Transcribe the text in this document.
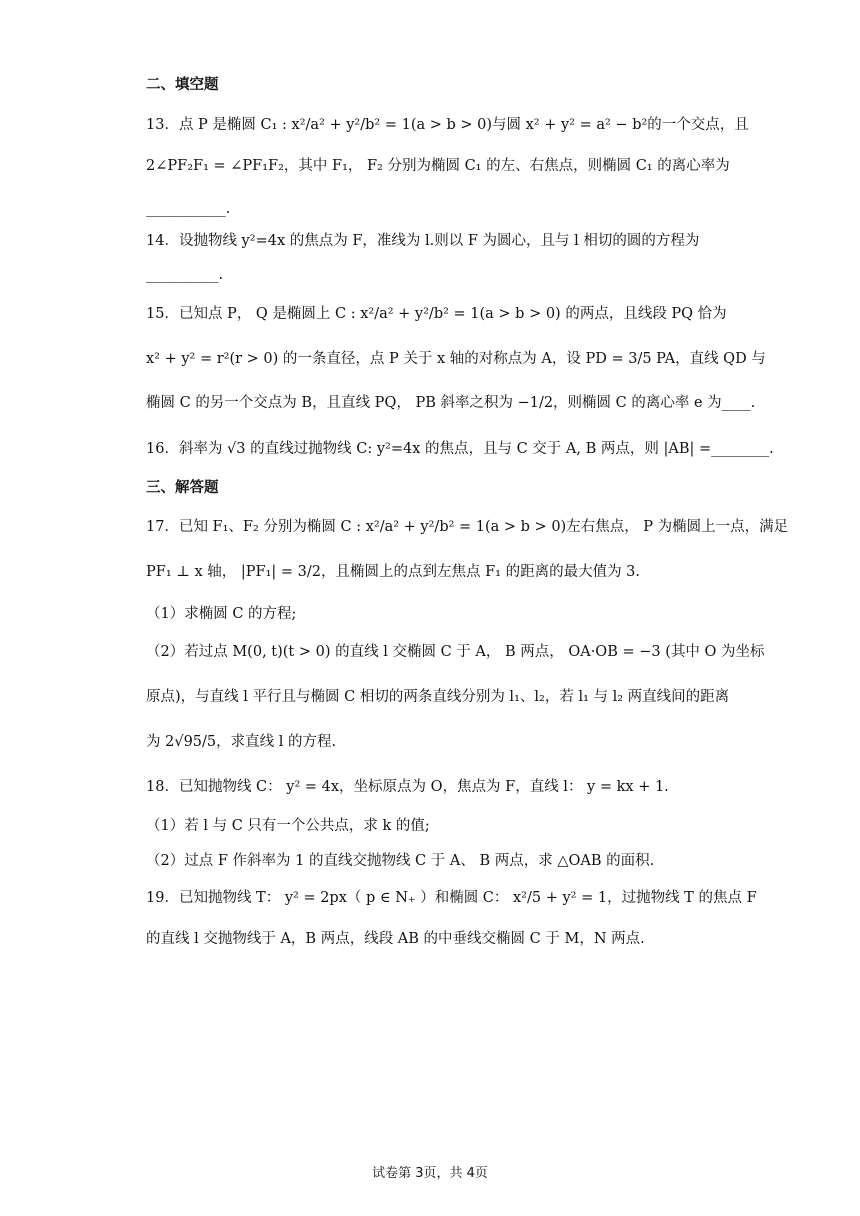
二、填空题
13．点 P 是椭圆 C₁ : x²/a² + y²/b² = 1(a > b > 0)与圆 x² + y² = a² − b²的一个交点，且
2∠PF₂F₁ = ∠PF₁F₂，其中 F₁， F₂ 分别为椭圆 C₁ 的左、右焦点，则椭圆 C₁ 的离心率为
___________.
14．设抛物线 y²=4x 的焦点为 F，准线为 l.则以 F 为圆心，且与 l 相切的圆的方程为
__________.
15．已知点 P， Q 是椭圆上 C : x²/a² + y²/b² = 1(a > b > 0) 的两点，且线段 PQ 恰为
x² + y² = r²(r > 0) 的一条直径，点 P 关于 x 轴的对称点为 A，设 PD = 3/5 PA，直线 QD 与
椭圆 C 的另一个交点为 B，且直线 PQ， PB 斜率之积为 −1/2，则椭圆 C 的离心率 e 为____.
16．斜率为 √3 的直线过抛物线 C: y²=4x 的焦点，且与 C 交于 A, B 两点，则 |AB| =________.
三、解答题
17．已知 F₁、F₂ 分别为椭圆 C : x²/a² + y²/b² = 1(a > b > 0)左右焦点， P 为椭圆上一点，满足
PF₁ ⊥ x 轴， |PF₁| = 3/2，且椭圆上的点到左焦点 F₁ 的距离的最大值为 3.
（1）求椭圆 C 的方程;
（2）若过点 M(0, t)(t > 0) 的直线 l 交椭圆 C 于 A， B 两点， OA·OB = −3 (其中 O 为坐标
原点)，与直线 l 平行且与椭圆 C 相切的两条直线分别为 l₁、l₂，若 l₁ 与 l₂ 两直线间的距离
为 2√95/5，求直线 l 的方程.
18．已知抛物线 C： y² = 4x，坐标原点为 O，焦点为 F，直线 l： y = kx + 1.
（1）若 l 与 C 只有一个公共点，求 k 的值;
（2）过点 F 作斜率为 1 的直线交抛物线 C 于 A、 B 两点，求 △OAB 的面积.
19．已知抛物线 T： y² = 2px（ p ∈ N₊ ）和椭圆 C： x²/5 + y² = 1，过抛物线 T 的焦点 F
的直线 l 交抛物线于 A，B 两点，线段 AB 的中垂线交椭圆 C 于 M，N 两点.
试卷第 3页，共 4页
